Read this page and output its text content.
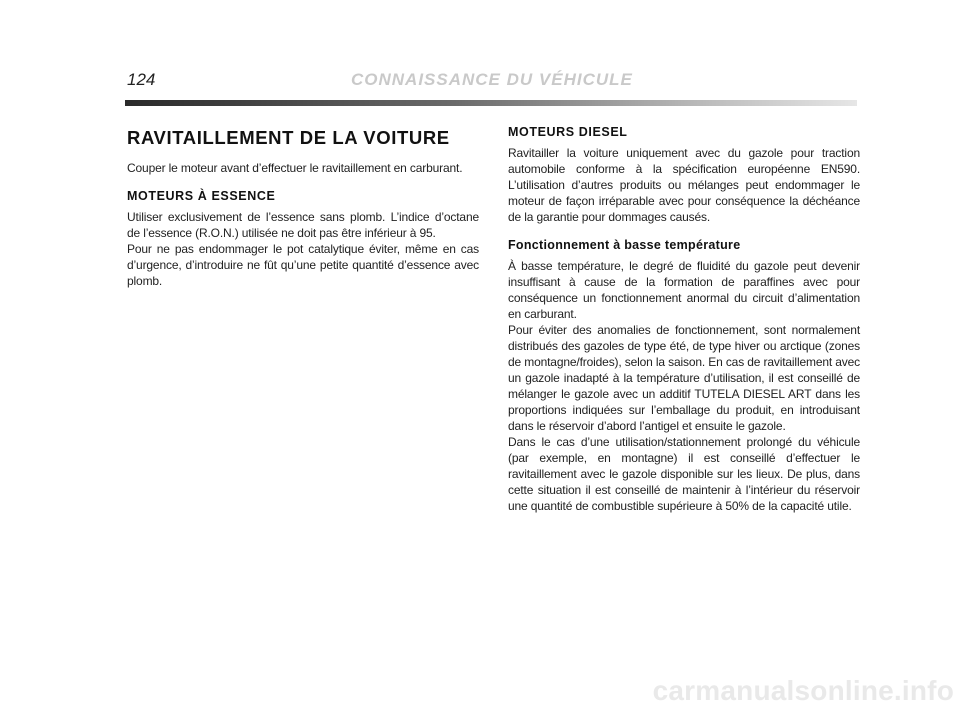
124	CONNAISSANCE DU VÉHICULE
RAVITAILLEMENT DE LA VOITURE

Couper le moteur avant d’effectuer le ravitaillement en carburant.

MOTEURS À ESSENCE

Utiliser exclusivement de l’essence sans plomb. L’indice d’octane de l’essence (R.O.N.) utilisée ne doit pas être inférieur à 95.

Pour ne pas endommager le pot catalytique éviter, même en cas d’urgence, d’introduire ne fût qu’une petite quantité d’essence avec plomb.

MOTEURS DIESEL

Ravitailler la voiture uniquement avec du gazole pour traction automobile conforme à la spécification européenne EN590. L’utilisation d’autres produits ou mélanges peut endommager le moteur de façon irréparable avec pour conséquence la déchéance de la garantie pour dommages causés.

Fonctionnement à basse température

À basse température, le degré de fluidité du gazole peut devenir insuffisant à cause de la formation de paraffines avec pour conséquence un fonctionnement anormal du circuit d’alimentation en carburant.

Pour éviter des anomalies de fonctionnement, sont normalement distribués des gazoles de type été, de type hiver ou arctique (zones de montagne/froides), selon la saison. En cas de ravitaillement avec un gazole inadapté à la température d’utilisation, il est conseillé de mélanger le gazole avec un additif TUTELA DIESEL ART dans les proportions indiquées sur l’emballage du produit, en introduisant dans le réservoir d’abord l’antigel et ensuite le gazole.

Dans le cas d’une utilisation/stationnement prolongé du véhicule (par exemple, en montagne) il est conseillé d’effectuer le ravitaillement avec le gazole disponible sur les lieux. De plus, dans cette situation il est conseillé de maintenir à l’intérieur du réservoir une quantité de combustible supérieure à 50% de la capacité utile.

carmanualsonline.info
